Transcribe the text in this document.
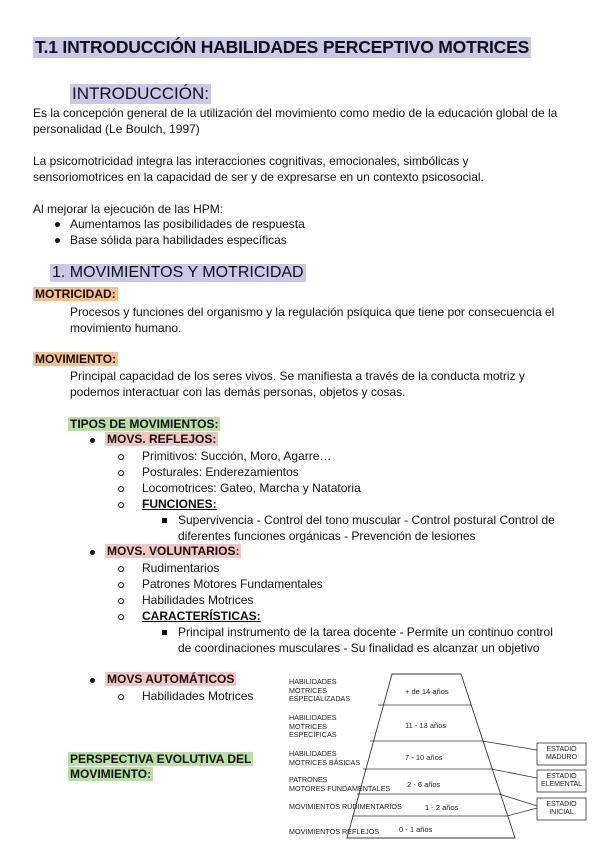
T.1 INTRODUCCIÓN HABILIDADES PERCEPTIVO MOTRICES
INTRODUCCIÓN:
Es la concepción general de la utilización del movimiento como medio de la educación global de la
personalidad (Le Boulch, 1997)
La psicomotricidad integra las interacciones cognitivas, emocionales, simbólicas y
sensoriomotrices en la capacidad de ser y de expresarse en un contexto psicosocial.
Al mejorar la ejecución de las HPM:
Aumentamos las posibilidades de respuesta
Base sólida para habilidades específicas
1. MOVIMIENTOS Y MOTRICIDAD
MOTRICIDAD:
Procesos y funciones del organismo y la regulación psíquica que tiene por consecuencia el
movimiento humano.
MOVIMIENTO:
Principal capacidad de los seres vivos. Se manifiesta a través de la conducta motriz y
podemos interactuar con las demás personas, objetos y cosas.
TIPOS DE MOVIMIENTOS:
MOVS. REFLEJOS:
Primitivos: Succión, Moro, Agarre…
Posturales: Enderezamientos
Locomotrices: Gateo, Marcha y Natatoria
FUNCIONES:
Supervivencia - Control del tono muscular - Control postural Control de
diferentes funciones orgánicas - Prevención de lesiones
MOVS. VOLUNTARIOS:
Rudimentarios
Patrones Motores Fundamentales
Habilidades Motrices
CARACTERÍSTICAS:
Principal instrumento de la tarea docente - Permite un continuo control
de coordinaciones musculares - Su finalidad es alcanzar un objetivo
MOVS AUTOMÁTICOS
Habilidades Motrices
PERSPECTIVA EVOLUTIVA DEL
MOVIMIENTO:
HABILIDADES
MOTRICES
ESPECIALIZADAS
HABILIDADES
MOTRICES
ESPECÍFICAS
HABILIDADES
MOTRICES BÁSICAS
PATRONES
MOTORES FUNDAMENTALES
MOVIMIENTOS RUDIMENTARIOS
MOVIMIENTOS REFLEJOS
+ de 14 años
11 - 13 años
7 - 10 años
2 - 6 años
1 - 2 años
0 - 1 años
ESTADIO
MADURO
ESTADIO
ELEMENTAL
ESTADIO
INICIAL
